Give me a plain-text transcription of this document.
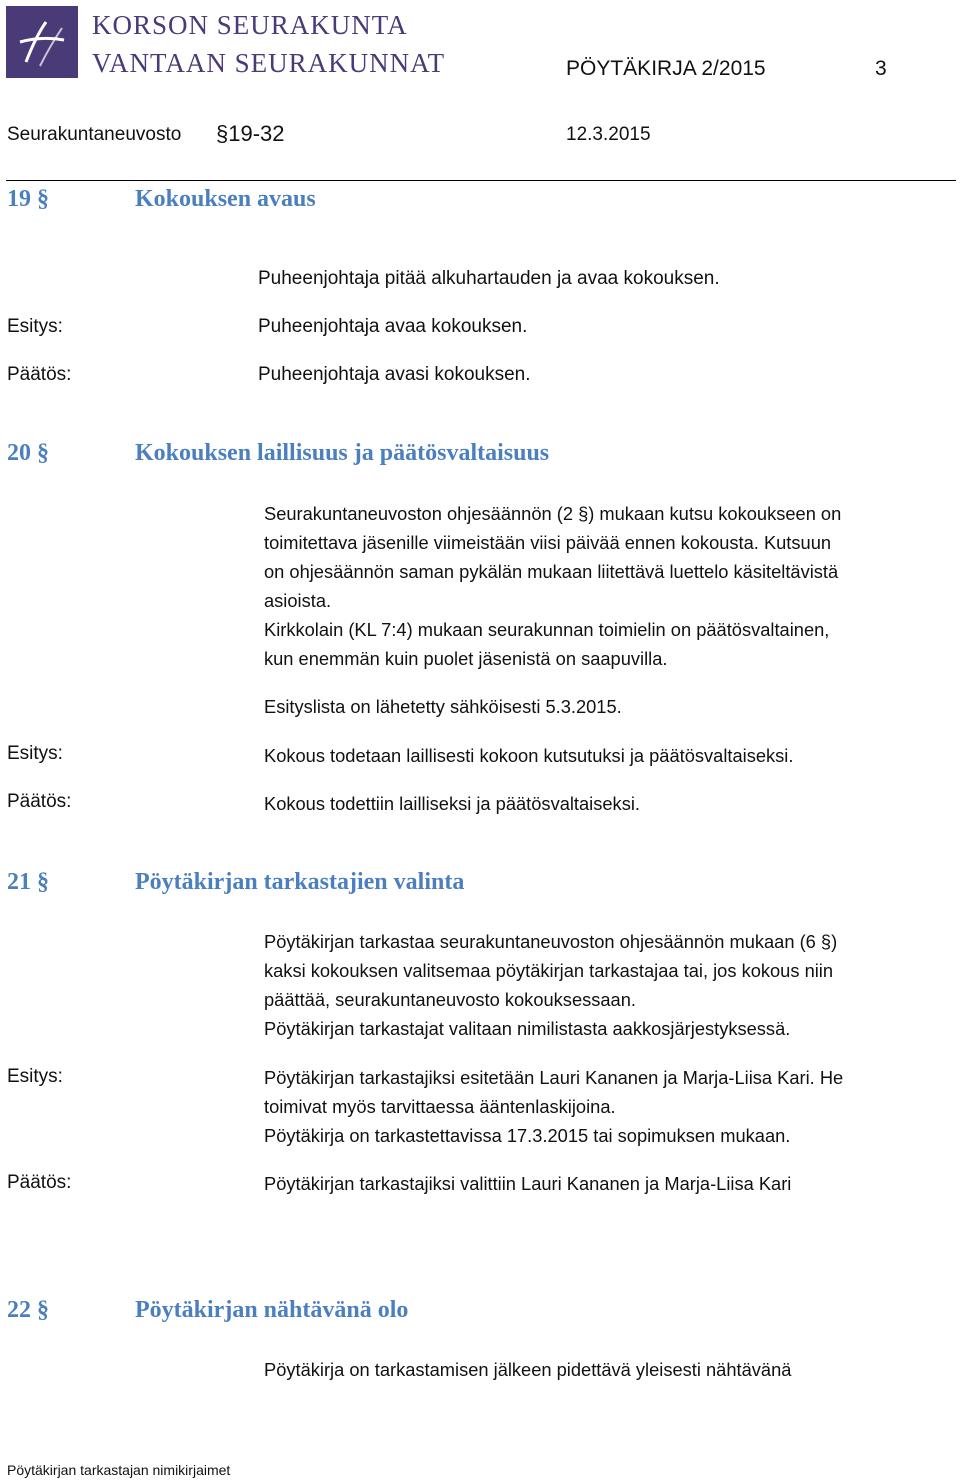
KORSON SEURAKUNTA
VANTAAN SEURAKUNNAT	PÖYTÄKIRJA 2/2015	3
Seurakuntaneuvosto §19-32	12.3.2015
19 §	Kokouksen avaus
Puheenjohtaja pitää alkuhartauden ja avaa kokouksen.
Esitys:	Puheenjohtaja avaa kokouksen.
Päätös:	Puheenjohtaja avasi kokouksen.
20 §	Kokouksen laillisuus ja päätösvaltaisuus
Seurakuntaneuvoston ohjesäännön (2 §) mukaan kutsu kokoukseen on
toimitettava jäsenille viimeistään viisi päivää ennen kokousta. Kutsuun
on ohjesäännön saman pykälän mukaan liitettävä luettelo käsiteltävistä
asioista.
Kirkkolain (KL 7:4) mukaan seurakunnan toimielin on päätösvaltainen,
kun enemmän kuin puolet jäsenistä on saapuvilla.
Esityslista on lähetetty sähköisesti 5.3.2015.
Esitys:	Kokous todetaan laillisesti kokoon kutsutuksi ja päätösvaltaiseksi.
Päätös:	Kokous todettiin lailliseksi ja päätösvaltaiseksi.
21 §	Pöytäkirjan tarkastajien valinta
Pöytäkirjan tarkastaa seurakuntaneuvoston ohjesäännön mukaan (6 §)
kaksi kokouksen valitsemaa pöytäkirjan tarkastajaa tai, jos kokous niin
päättää, seurakuntaneuvosto kokouksessaan.
Pöytäkirjan tarkastajat valitaan nimilistasta aakkosjärjestyksessä.
Esitys:	Pöytäkirjan tarkastajiksi esitetään Lauri Kananen ja Marja-Liisa Kari. He
toimivat myös tarvittaessa ääntenlaskijoina.
Pöytäkirja on tarkastettavissa 17.3.2015 tai sopimuksen mukaan.
Päätös:	Pöytäkirjan tarkastajiksi valittiin Lauri Kananen ja Marja-Liisa Kari
22 §	Pöytäkirjan nähtävänä olo
Pöytäkirja on tarkastamisen jälkeen pidettävä yleisesti nähtävänä
Pöytäkirjan tarkastajan nimikirjaimet
